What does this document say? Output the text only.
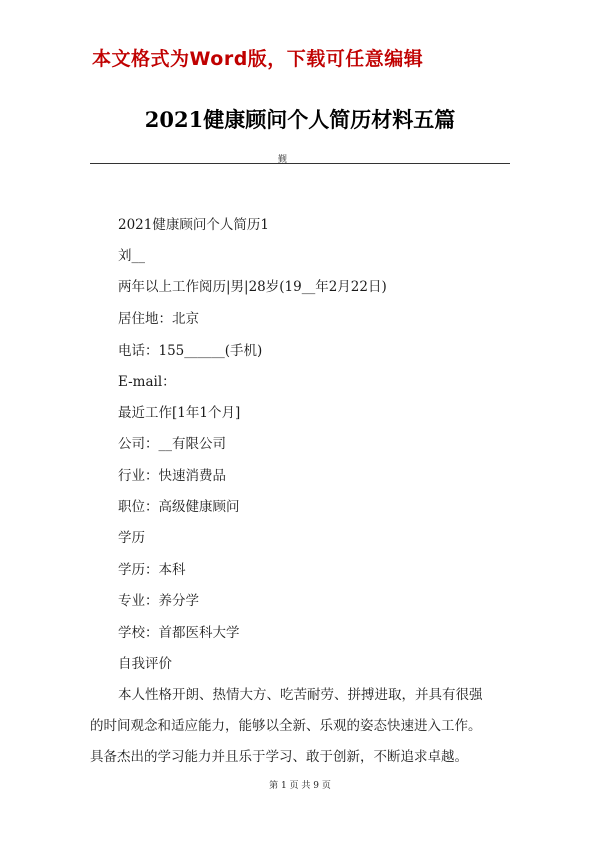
本文格式为Word版，下载可任意编辑
2021健康顾问个人简历材料五篇
觐
2021健康顾问个人简历1
刘__
两年以上工作阅历|男|28岁(19__年2月22日)
居住地：北京
电话：155______(手机)
E-mail：
最近工作[1年1个月]
公司：__有限公司
行业：快速消费品
职位：高级健康顾问
学历
学历：本科
专业：养分学
学校：首都医科大学
自我评价
本人性格开朗、热情大方、吃苦耐劳、拼搏进取，并具有很强
的时间观念和适应能力，能够以全新、乐观的姿态快速进入工作。
具备杰出的学习能力并且乐于学习、敢于创新，不断追求卓越。
第 1 页 共 9 页
